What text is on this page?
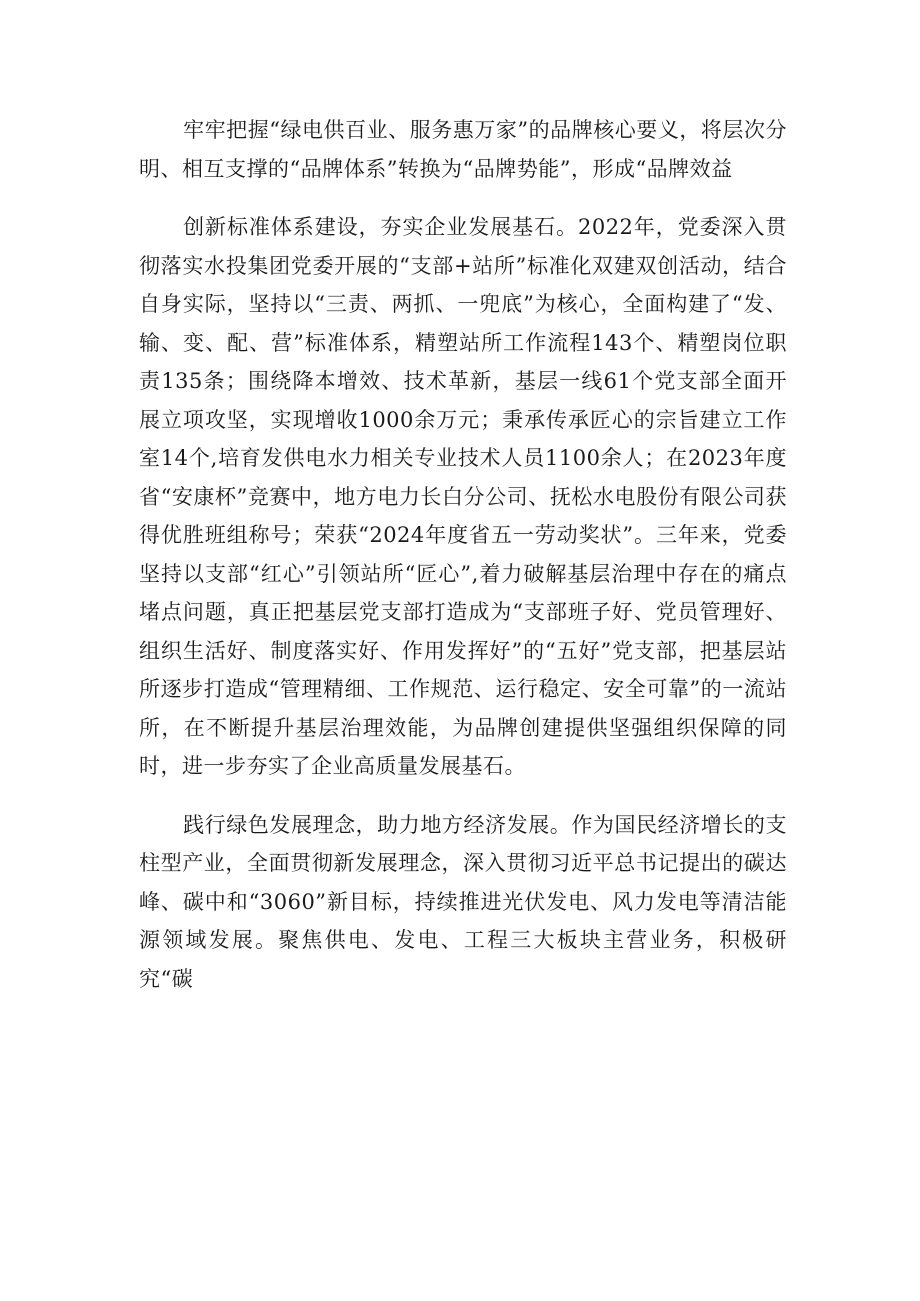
牢牢把握“绿电供百业、服务惠万家”的品牌核心要义，将层次分明、相互支撑的“品牌体系”转换为“品牌势能”，形成“品牌效益

创新标准体系建设，夯实企业发展基石。2022年，党委深入贯彻落实水投集团党委开展的“支部+站所”标准化双建双创活动，结合自身实际，坚持以“三责、两抓、一兜底”为核心，全面构建了“发、输、变、配、营”标准体系，精塑站所工作流程143个、精塑岗位职责135条；围绕降本增效、技术革新，基层一线61个党支部全面开展立项攻坚，实现增收1000余万元；秉承传承匠心的宗旨建立工作室14个,培育发供电水力相关专业技术人员1100余人；在2023年度省“安康杯”竞赛中，地方电力长白分公司、抚松水电股份有限公司获得优胜班组称号；荣获“2024年度省五一劳动奖状”。三年来，党委坚持以支部“红心”引领站所“匠心”,着力破解基层治理中存在的痛点堵点问题，真正把基层党支部打造成为“支部班子好、党员管理好、组织生活好、制度落实好、作用发挥好”的“五好”党支部，把基层站所逐步打造成“管理精细、工作规范、运行稳定、安全可靠”的一流站所，在不断提升基层治理效能，为品牌创建提供坚强组织保障的同时，进一步夯实了企业高质量发展基石。

践行绿色发展理念，助力地方经济发展。作为国民经济增长的支柱型产业，全面贯彻新发展理念，深入贯彻习近平总书记提出的碳达峰、碳中和“3060”新目标，持续推进光伏发电、风力发电等清洁能源领域发展。聚焦供电、发电、工程三大板块主营业务，积极研究“碳
